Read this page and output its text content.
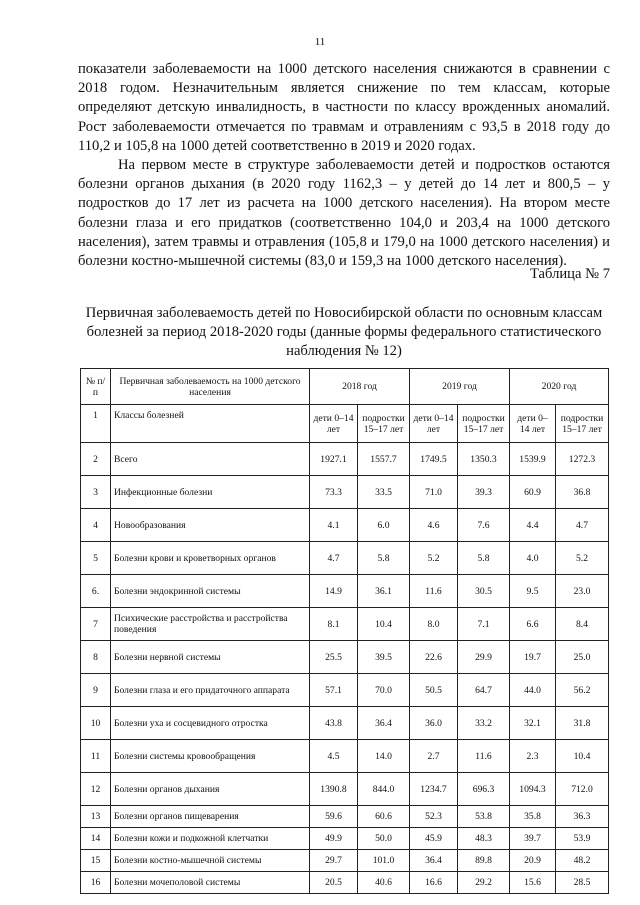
11

показатели заболеваемости на 1000 детского населения снижаются в сравнении с 2018 годом. Незначительным является снижение по тем классам, которые определяют детскую инвалидность, в частности по классу врожденных аномалий. Рост заболеваемости отмечается по травмам и отравлениям с 93,5 в 2018 году до 110,2 и 105,8 на 1000 детей соответственно в 2019 и 2020 годах.

На первом месте в структуре заболеваемости детей и подростков остаются болезни органов дыхания (в 2020 году 1162,3 – у детей до 14 лет и 800,5 – у подростков до 17 лет из расчета на 1000 детского населения). На втором месте болезни глаза и его придатков (соответственно 104,0 и 203,4 на 1000 детского населения), затем травмы и отравления (105,8 и 179,0 на 1000 детского населения) и болезни костно-мышечной системы (83,0 и 159,3 на 1000 детского населения).

Таблица № 7
Первичная заболеваемость детей по Новосибирской области по основным классам болезней за период 2018-2020 годы (данные формы федерального статистического наблюдения № 12)
№ п/п	Первичная заболеваемость на 1000 детского населения	2018 год		2019 год		2020 год	
1	Классы болезней	дети 0–14 лет	подростки 15–17 лет	дети 0–14 лет	подростки 15–17 лет	дети 0–14 лет	подростки 15–17 лет
2	Всего	1927.1	1557.7	1749.5	1350.3	1539.9	1272.3
3	Инфекционные болезни	73.3	33.5	71.0	39.3	60.9	36.8
4	Новообразования	4.1	6.0	4.6	7.6	4.4	4.7
5	Болезни крови и кроветворных органов	4.7	5.8	5.2	5.8	4.0	5.2
6.	Болезни эндокринной системы	14.9	36.1	11.6	30.5	9.5	23.0
7	Психические расстройства и расстройства поведения	8.1	10.4	8.0	7.1	6.6	8.4
8	Болезни нервной системы	25.5	39.5	22.6	29.9	19.7	25.0
9	Болезни глаза и его придаточного аппарата	57.1	70.0	50.5	64.7	44.0	56.2
10	Болезни уха и сосцевидного отростка	43.8	36.4	36.0	33.2	32.1	31.8
11	Болезни системы кровообращения	4.5	14.0	2.7	11.6	2.3	10.4
12	Болезни органов дыхания	1390.8	844.0	1234.7	696.3	1094.3	712.0
13	Болезни органов пищеварения	59.6	60.6	52.3	53.8	35.8	36.3
14	Болезни кожи и подкожной клетчатки	49.9	50.0	45.9	48.3	39.7	53.9
15	Болезни костно-мышечной системы	29.7	101.0	36.4	89.8	20.9	48.2
16	Болезни мочеполовой системы	20.5	40.6	16.6	29.2	15.6	28.5
